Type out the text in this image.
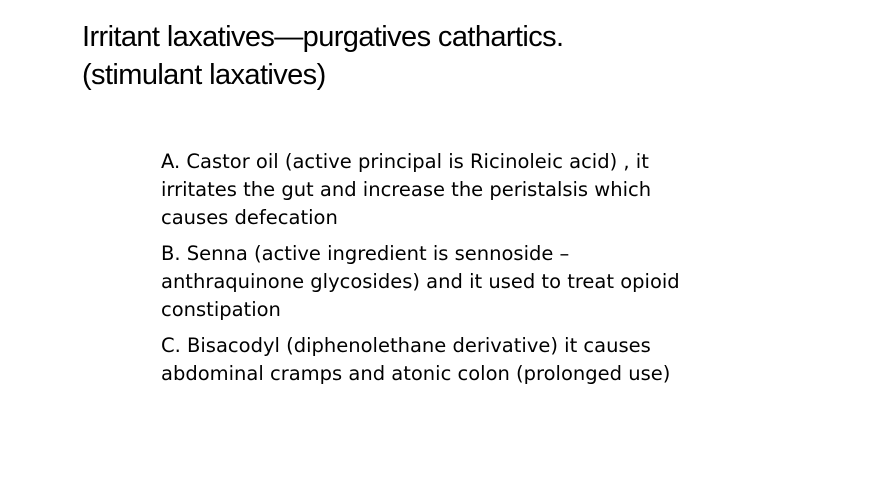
Irritant laxatives—purgatives cathartics.
(stimulant laxatives)
A. Castor oil (active principal is Ricinoleic acid) , it irritates the gut and increase the peristalsis which causes defecation
B. Senna (active ingredient is sennoside – anthraquinone glycosides) and it used to treat opioid constipation
C. Bisacodyl (diphenolethane derivative) it causes abdominal cramps and atonic colon (prolonged use)
